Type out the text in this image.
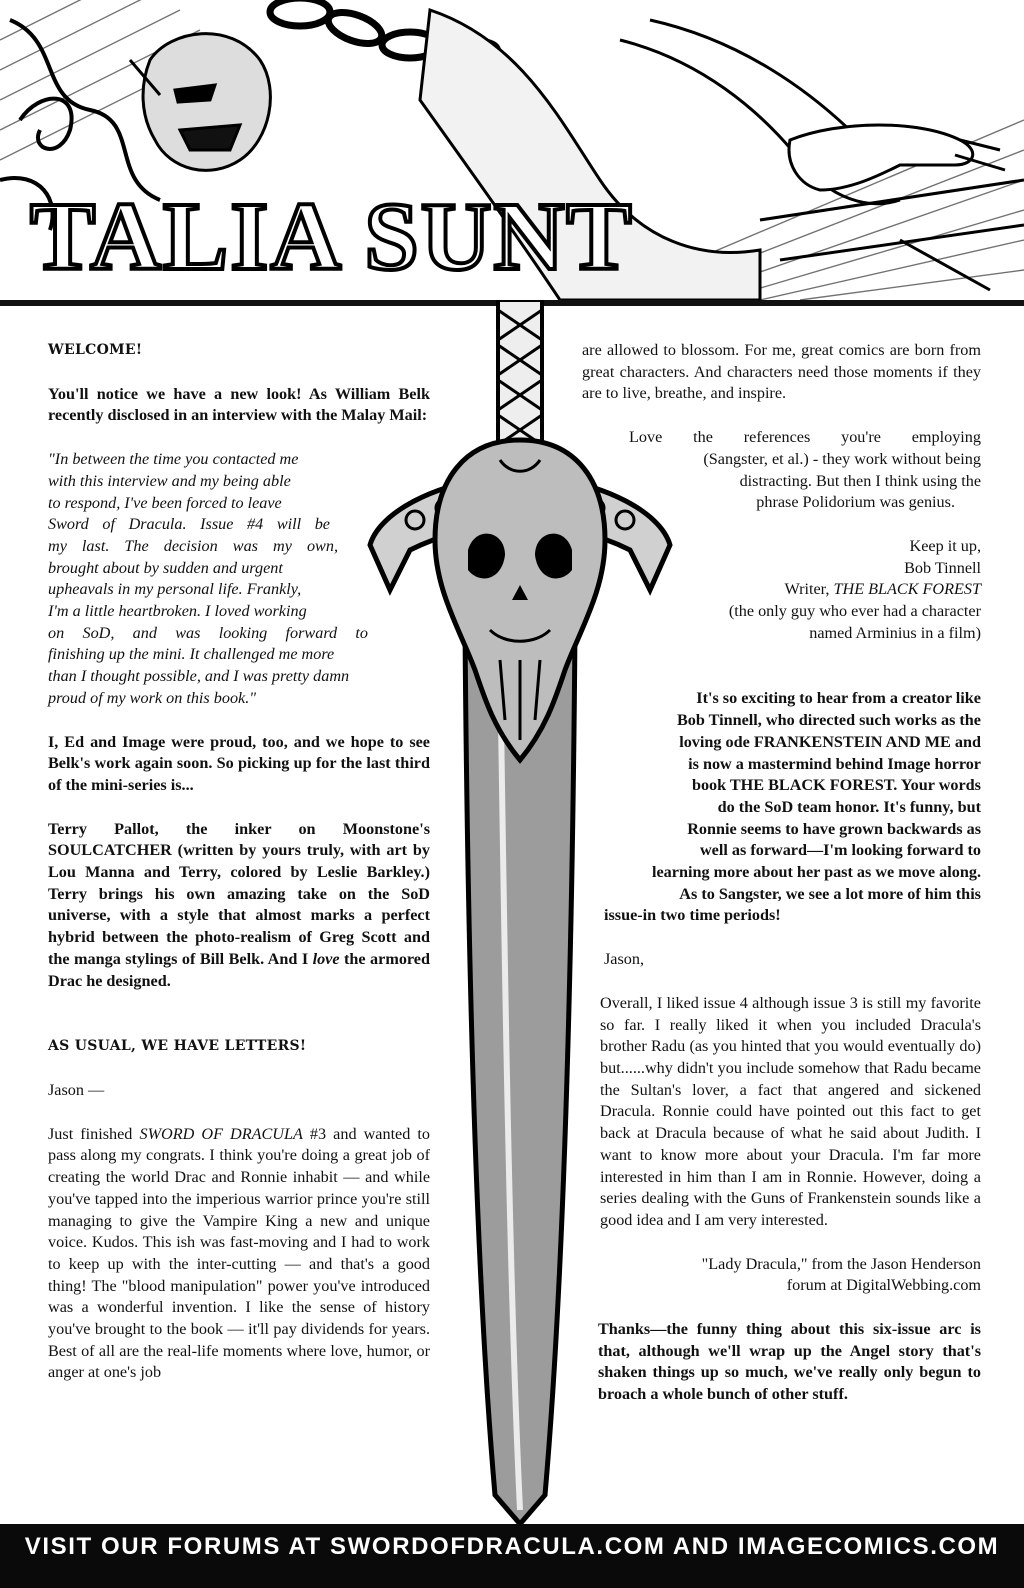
TALIA SUNT

WELCOME!

You'll notice we have a new look! As William Belk recently disclosed in an interview with the Malay Mail:

"In between the time you contacted me
with this interview and my being able
to respond, I've been forced to leave
Sword of Dracula. Issue #4 will be
my last. The decision was my own,
brought about by sudden and urgent
upheavals in my personal life. Frankly,
I'm a little heartbroken. I loved working
on SoD, and was looking forward to
finishing up the mini. It challenged me more
than I thought possible, and I was pretty damn
proud of my work on this book."

I, Ed and Image were proud, too, and we hope to see Belk's work again soon. So picking up for the last third of the mini-series is...

Terry Pallot, the inker on Moonstone's SOULCATCHER (written by yours truly, with art by Lou Manna and Terry, colored by Leslie Barkley.) Terry brings his own amazing take on the SoD universe, with a style that almost marks a perfect hybrid between the photo-realism of Greg Scott and the manga stylings of Bill Belk. And I love the armored Drac he designed.

AS USUAL, WE HAVE LETTERS!

Jason —

Just finished SWORD OF DRACULA #3 and wanted to pass along my congrats. I think you're doing a great job of creating the world Drac and Ronnie inhabit — and while you've tapped into the imperious warrior prince you're still managing to give the Vampire King a new and unique voice. Kudos. This ish was fast-moving and I had to work to keep up with the inter-cutting — and that's a good thing! The "blood manipulation" power you've introduced was a wonderful invention. I like the sense of history you've brought to the book — it'll pay dividends for years. Best of all are the real-life moments where love, humor, or anger at one's job

are allowed to blossom. For me, great comics are born from great characters. And characters need those moments if they are to live, breathe, and inspire.

Love the references you're employing
(Sangster, et al.) - they work without being
distracting. But then I think using the
phrase Polidorium was genius.

Keep it up,
Bob Tinnell
Writer, THE BLACK FOREST
(the only guy who ever had a character
named Arminius in a film)

It's so exciting to hear from a creator like
Bob Tinnell, who directed such works as the
loving ode FRANKENSTEIN AND ME and
is now a mastermind behind Image horror
book THE BLACK FOREST. Your words
do the SoD team honor. It's funny, but
Ronnie seems to have grown backwards as
well as forward—I'm looking forward to
learning more about her past as we move along.
As to Sangster, we see a lot more of him this
issue-in two time periods!

Jason,

Overall, I liked issue 4 although issue 3 is still my favorite so far. I really liked it when you included Dracula's brother Radu (as you hinted that you would eventually do) but......why didn't you include somehow that Radu became the Sultan's lover, a fact that angered and sickened Dracula. Ronnie could have pointed out this fact to get back at Dracula because of what he said about Judith. I want to know more about your Dracula. I'm far more interested in him than I am in Ronnie. However, doing a series dealing with the Guns of Frankenstein sounds like a good idea and I am very interested.

"Lady Dracula," from the Jason Henderson
forum at DigitalWebbing.com

Thanks—the funny thing about this six-issue arc is that, although we'll wrap up the Angel story that's shaken things up so much, we've really only begun to broach a whole bunch of other stuff.

VISIT OUR FORUMS AT SWORDOFDRACULA.COM AND IMAGECOMICS.COM
